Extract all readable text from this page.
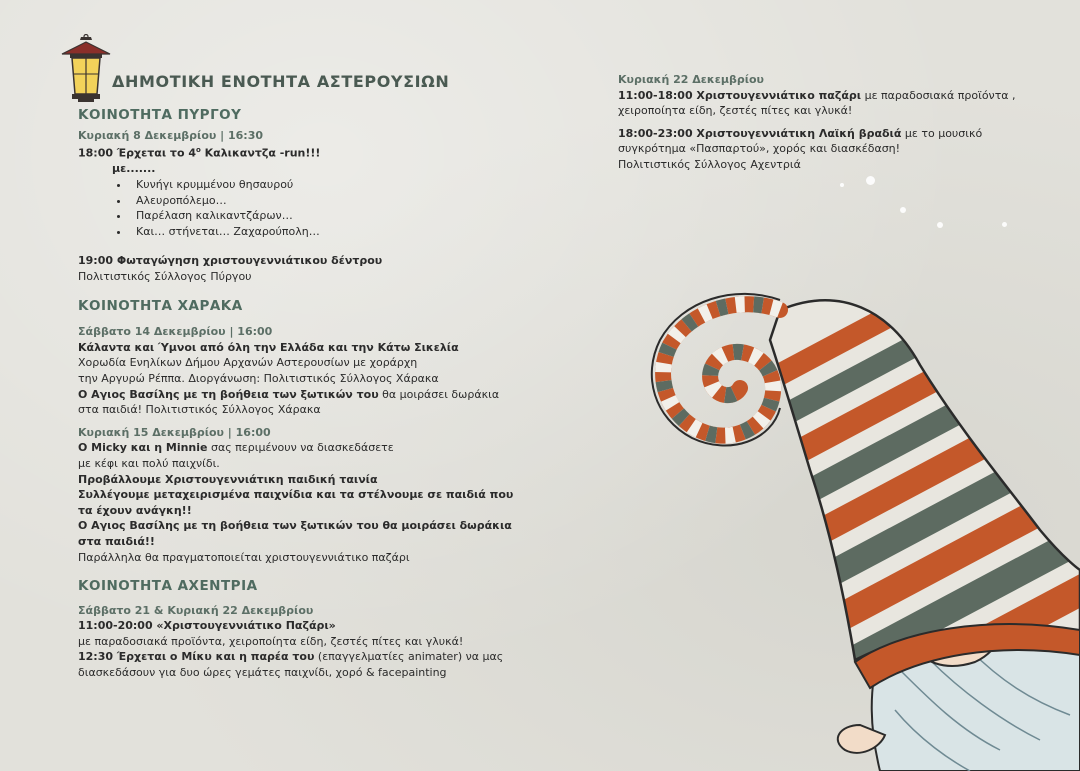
ΔΗΜΟΤΙΚΗ ΕΝΟΤΗΤΑ ΑΣΤΕΡΟΥΣΙΩΝ

ΚΟΙΝΟΤΗΤΑ ΠΥΡΓΟΥ

Κυριακή 8 Δεκεμβρίου | 16:30

18:00 Έρχεται το $4^o$ Καλικαντζα -run!!!

με.......

• Κυνήγι κρυμμένου θησαυρού
• Αλευροπόλεμο…
• Παρέλαση καλικαντζάρων…
• Και… στήνεται… Ζαχαρούπολη…

19:00 Φωταγώγηση χριστουγεννιάτικου δέντρου

Πολιτιστικός Σύλλογος Πύργου

ΚΟΙΝΟΤΗΤΑ ΧΑΡΑΚΑ

Σάββατο 14 Δεκεμβρίου | 16:00

Κάλαντα και Ύμνοι από όλη την Ελλάδα και την Κάτω Σικελία

Χορωδία Ενηλίκων Δήμου Αρχανών Αστερουσίων με χοράρχη

την Αργυρώ Ρέππα. Διοργάνωση: Πολιτιστικός Σύλλογος Χάρακα

Ο Αγιος Βασίλης με τη βοήθεια των ξωτικών του θα μοιράσει δωράκια

στα παιδιά! Πολιτιστικός Σύλλογος Χάρακα

Κυριακή 15 Δεκεμβρίου | 16:00

Ο Micky και η Minnie σας περιμένουν να διασκεδάσετε

με κέφι και πολύ παιχνίδι.

Προβάλλουμε Χριστουγεννιάτικη παιδική ταινία

Συλλέγουμε μεταχειρισμένα παιχνίδια και τα στέλνουμε σε παιδιά που

τα έχουν ανάγκη!!

Ο Αγιος Βασίλης με τη βοήθεια των ξωτικών του θα μοιράσει δωράκια

στα παιδιά!!

Παράλληλα θα πραγματοποιείται χριστουγεννιάτικο παζάρι

ΚΟΙΝΟΤΗΤΑ ΑΧΕΝΤΡΙΑ

Σάββατο 21 & Κυριακή 22 Δεκεμβρίου

11:00-20:00 «Χριστουγεννιάτικο Παζάρι»

με παραδοσιακά προϊόντα, χειροποίητα είδη, ζεστές πίτες και γλυκά!

12:30 Έρχεται ο Μίκυ και η παρέα του (επαγγελματίες animater) να μας

διασκεδάσουν για δυο ώρες γεμάτες παιχνίδι, χορό & facepainting

Κυριακή 22 Δεκεμβρίου

11:00-18:00 Χριστουγεννιάτικο παζάρι με παραδοσιακά προϊόντα ,

χειροποίητα είδη, ζεστές πίτες και γλυκά!

18:00-23:00 Χριστουγεννιάτικη Λαϊκή βραδιά με το μουσικό

συγκρότημα «Πασπαρτού», χορός και διασκέδαση!

Πολιτιστικός Σύλλογος Αχεντριά
